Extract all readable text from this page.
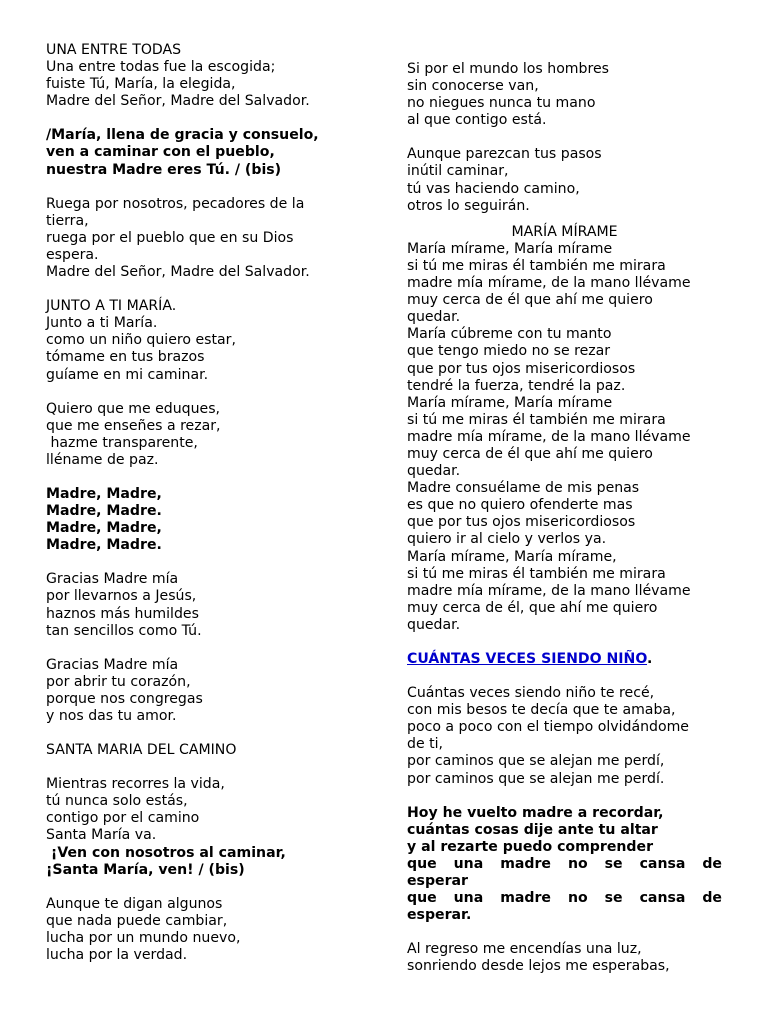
UNA ENTRE TODAS
Una entre todas fue la escogida;
fuiste Tú, María, la elegida,
Madre del Señor, Madre del Salvador.
/María, llena de gracia y consuelo,
ven a caminar con el pueblo,
nuestra Madre eres Tú. / (bis)
Ruega por nosotros, pecadores de la
tierra,
ruega por el pueblo que en su Dios
espera.
Madre del Señor, Madre del Salvador.
JUNTO A TI MARÍA.
Junto a ti María.
como un niño quiero estar,
tómame en tus brazos
guíame en mi caminar.
Quiero que me eduques,
que me enseñes a rezar,
hazme transparente,
lléname de paz.
Madre, Madre,
Madre, Madre.
Madre, Madre,
Madre, Madre.
Gracias Madre mía
por llevarnos a Jesús,
haznos más humildes
tan sencillos como Tú.
Gracias Madre mía
por abrir tu corazón,
porque nos congregas
y nos das tu amor.
SANTA MARIA DEL CAMINO
Mientras recorres la vida,
tú nunca solo estás,
contigo por el camino
Santa María va.
¡Ven con nosotros al caminar,
¡Santa María, ven! / (bis)
Aunque te digan algunos
que nada puede cambiar,
lucha por un mundo nuevo,
lucha por la verdad.
Si por el mundo los hombres
sin conocerse van,
no niegues nunca tu mano
al que contigo está.
Aunque parezcan tus pasos
inútil caminar,
tú vas haciendo camino,
otros lo seguirán.
MARÍA MÍRAME
María mírame, María mírame
si tú me miras él también me mirara
madre mía mírame, de la mano llévame
muy cerca de él que ahí me quiero
quedar.
María cúbreme con tu manto
que tengo miedo no se rezar
que por tus ojos misericordiosos
tendré la fuerza, tendré la paz.
María mírame, María mírame
si tú me miras él también me mirara
madre mía mírame, de la mano llévame
muy cerca de él que ahí me quiero
quedar.
Madre consuélame de mis penas
es que no quiero ofenderte mas
que por tus ojos misericordiosos
quiero ir al cielo y verlos ya.
María mírame, María mírame,
si tú me miras él también me mirara
madre mía mírame, de la mano llévame
muy cerca de él, que ahí me quiero
quedar.
CUÁNTAS VECES SIENDO NIÑO.
Cuántas veces siendo niño te recé,
con mis besos te decía que te amaba,
poco a poco con el tiempo olvidándome
de ti,
por caminos que se alejan me perdí,
por caminos que se alejan me perdí.
Hoy he vuelto madre a recordar,
cuántas cosas dije ante tu altar
y al rezarte puedo comprender
que una madre no se cansa de
esperar
que una madre no se cansa de
esperar.
Al regreso me encendías una luz,
sonriendo desde lejos me esperabas,
